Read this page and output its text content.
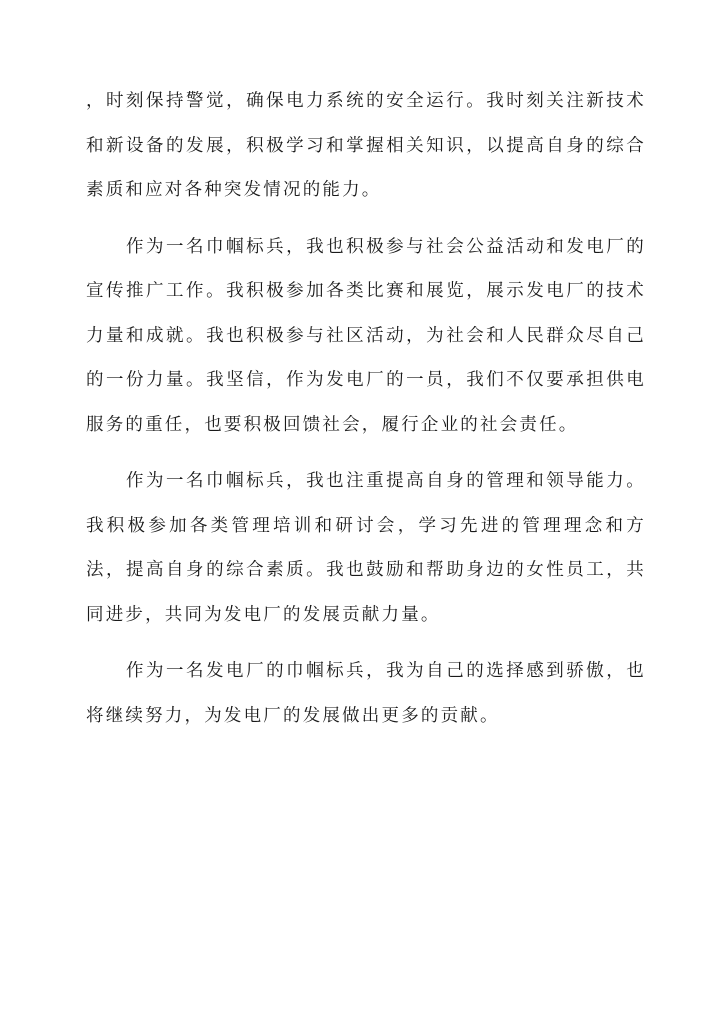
，时刻保持警觉，确保电力系统的安全运行。我时刻关注新技术和新设备的发展，积极学习和掌握相关知识，以提高自身的综合素质和应对各种突发情况的能力。

作为一名巾帼标兵，我也积极参与社会公益活动和发电厂的宣传推广工作。我积极参加各类比赛和展览，展示发电厂的技术力量和成就。我也积极参与社区活动，为社会和人民群众尽自己的一份力量。我坚信，作为发电厂的一员，我们不仅要承担供电服务的重任，也要积极回馈社会，履行企业的社会责任。

作为一名巾帼标兵，我也注重提高自身的管理和领导能力。我积极参加各类管理培训和研讨会，学习先进的管理理念和方法，提高自身的综合素质。我也鼓励和帮助身边的女性员工，共同进步，共同为发电厂的发展贡献力量。

作为一名发电厂的巾帼标兵，我为自己的选择感到骄傲，也将继续努力，为发电厂的发展做出更多的贡献。
